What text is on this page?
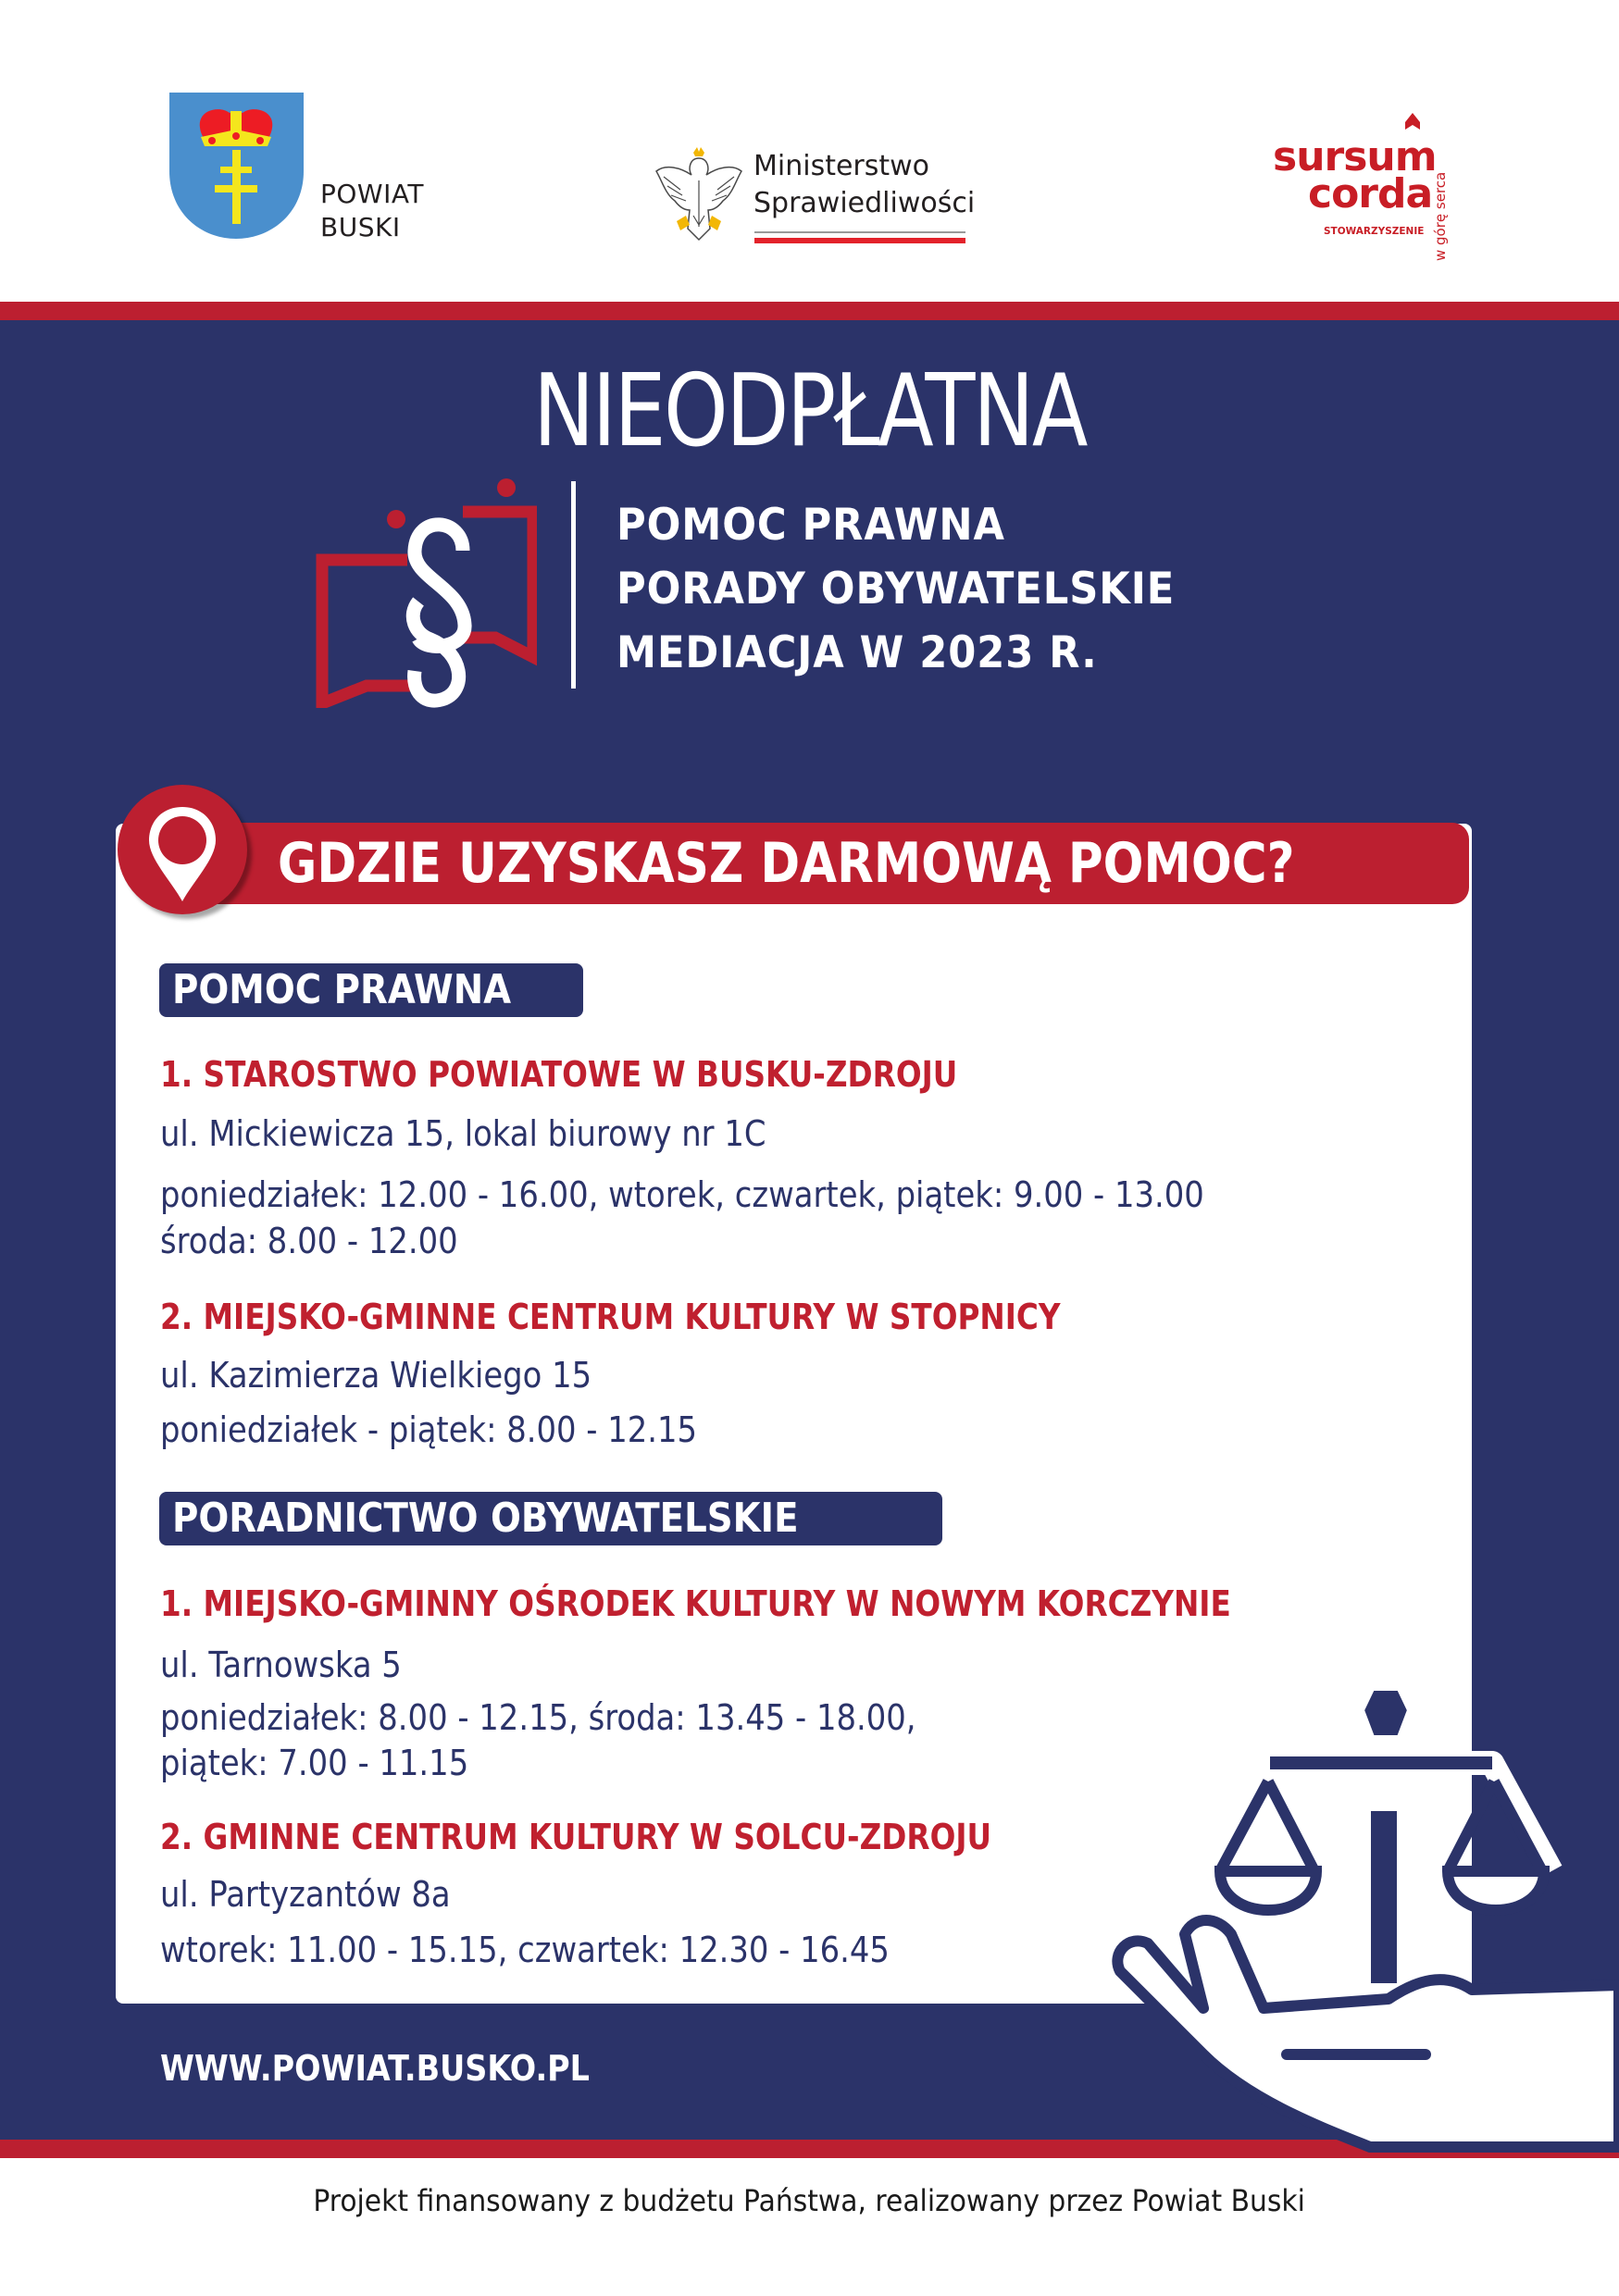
POWIAT
BUSKI
Ministerstwo
Sprawiedliwości
sursum
corda
STOWARZYSZENIE w górę serca
NIEODPŁATNA
POMOC PRAWNA
PORADY OBYWATELSKIE
MEDIACJA W 2023 R.
GDZIE UZYSKASZ DARMOWĄ POMOC?
POMOC PRAWNA
1. STAROSTWO POWIATOWE W BUSKU-ZDROJU
ul. Mickiewicza 15, lokal biurowy nr 1C
poniedziałek: 12.00 - 16.00, wtorek, czwartek, piątek: 9.00 - 13.00
środa: 8.00 - 12.00
2. MIEJSKO-GMINNE CENTRUM KULTURY W STOPNICY
ul. Kazimierza Wielkiego 15
poniedziałek - piątek: 8.00 - 12.15
PORADNICTWO OBYWATELSKIE
1. MIEJSKO-GMINNY OŚRODEK KULTURY W NOWYM KORCZYNIE
ul. Tarnowska 5
poniedziałek: 8.00 - 12.15, środa: 13.45 - 18.00,
piątek: 7.00 - 11.15
2. GMINNE CENTRUM KULTURY W SOLCU-ZDROJU
ul. Partyzantów 8a
wtorek: 11.00 - 15.15, czwartek: 12.30 - 16.45
WWW.POWIAT.BUSKO.PL
Projekt finansowany z budżetu Państwa, realizowany przez Powiat Buski
